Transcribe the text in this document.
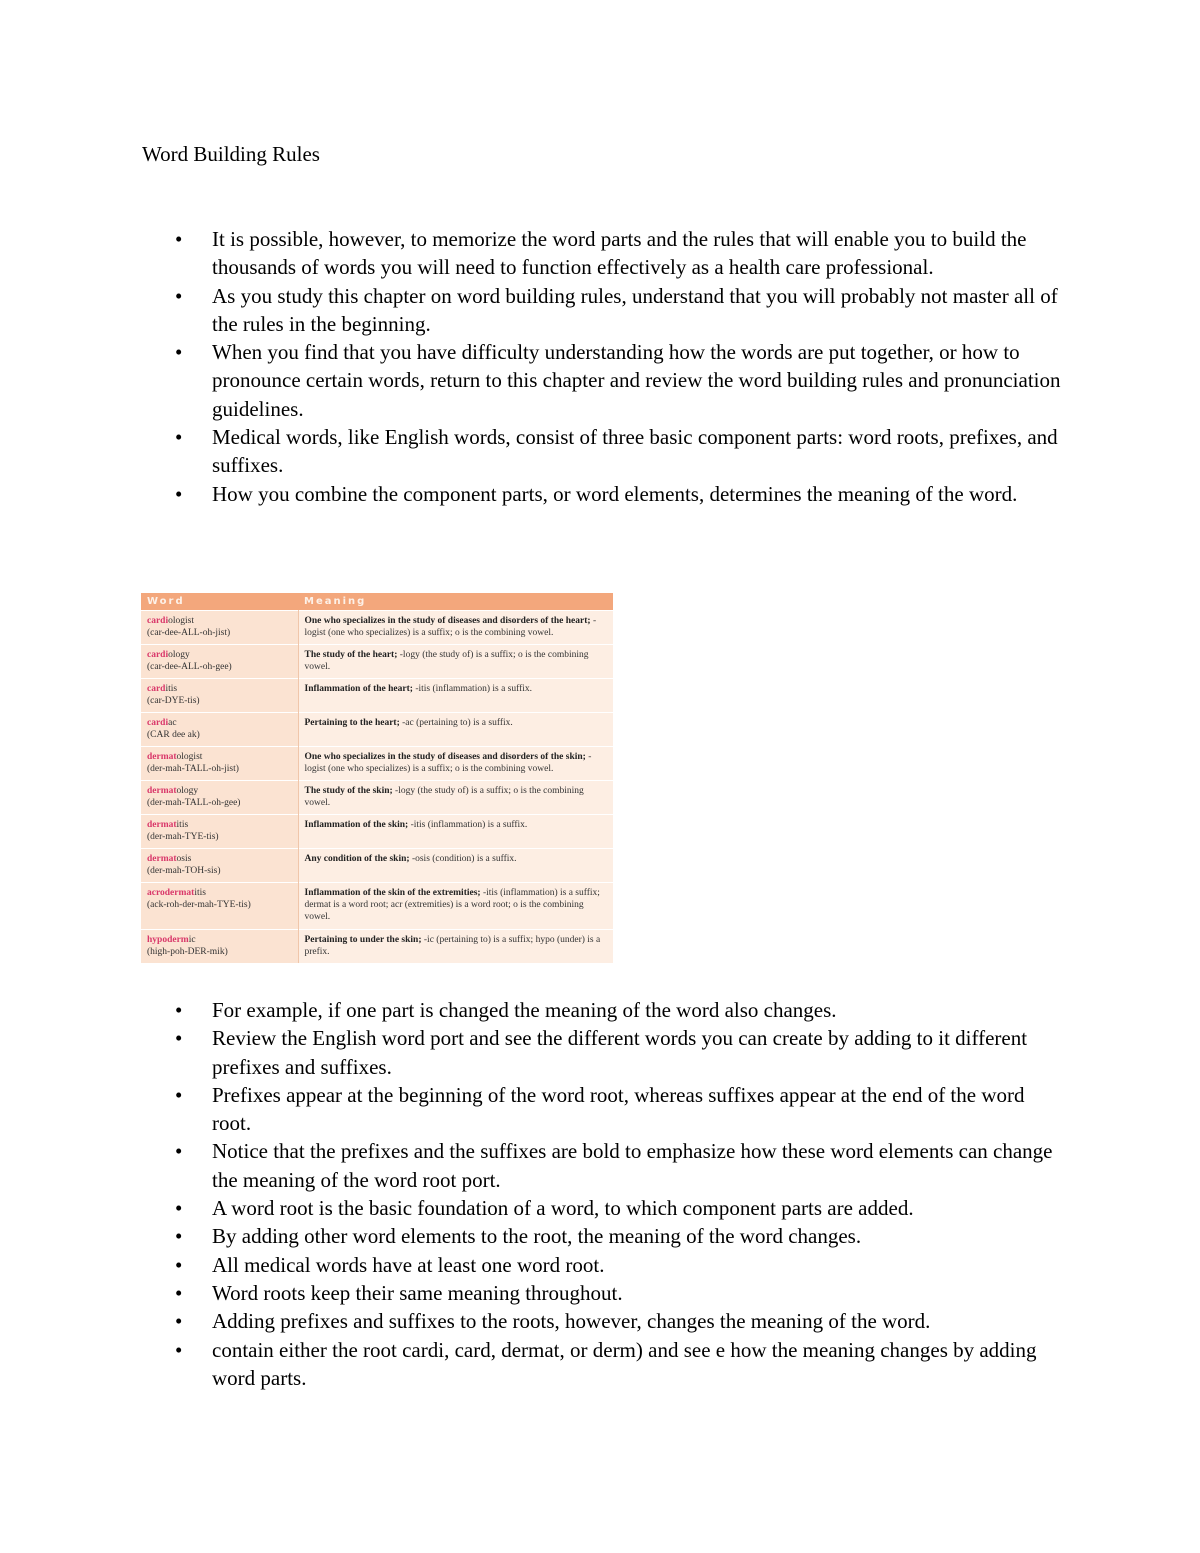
Word Building Rules
• It is possible, however, to memorize the word parts and the rules that will enable you to build the thousands of words you will need to function effectively as a health care professional.
• As you study this chapter on word building rules, understand that you will probably not master all of the rules in the beginning.
• When you find that you have difficulty understanding how the words are put together, or how to pronounce certain words, return to this chapter and review the word building rules and pronunciation guidelines.
• Medical words, like English words, consist of three basic component parts: word roots, prefixes, and suffixes.
• How you combine the component parts, or word elements, determines the meaning of the word.
Word	Meaning

cardiologist
(car-dee-ALL-oh-jist)	One who specializes in the study of diseases and disorders of the heart; -logist (one who specializes) is a suffix; o is the combining vowel.

cardiology
(car-dee-ALL-oh-gee)	The study of the heart; -logy (the study of) is a suffix; o is the combining vowel.

carditis
(car-DYE-tis)	Inflammation of the heart; -itis (inflammation) is a suffix.

cardiac
(CAR dee ak)	Pertaining to the heart; -ac (pertaining to) is a suffix.

dermatologist
(der-mah-TALL-oh-jist)	One who specializes in the study of diseases and disorders of the skin; -logist (one who specializes) is a suffix; o is the combining vowel.

dermatology
(der-mah-TALL-oh-gee)	The study of the skin; -logy (the study of) is a suffix; o is the combining vowel.

dermatitis
(der-mah-TYE-tis)	Inflammation of the skin; -itis (inflammation) is a suffix.

dermatosis
(der-mah-TOH-sis)	Any condition of the skin; -osis (condition) is a suffix.

acrodermatitis
(ack-roh-der-mah-TYE-tis)	Inflammation of the skin of the extremities; -itis (inflammation) is a suffix; dermat is a word root; acr (extremities) is a word root; o is the combining vowel.

hypodermic
(high-poh-DER-mik)	Pertaining to under the skin; -ic (pertaining to) is a suffix; hypo (under) is a prefix.
• For example, if one part is changed the meaning of the word also changes.
• Review the English word port and see the different words you can create by adding to it different prefixes and suffixes.
• Prefixes appear at the beginning of the word root, whereas suffixes appear at the end of the word root.
• Notice that the prefixes and the suffixes are bold to emphasize how these word elements can change the meaning of the word root port.
• A word root is the basic foundation of a word, to which component parts are added.
• By adding other word elements to the root, the meaning of the word changes.
• All medical words have at least one word root.
• Word roots keep their same meaning throughout.
• Adding prefixes and suffixes to the roots, however, changes the meaning of the word.
• contain either the root cardi, card, dermat, or derm) and see e how the meaning changes by adding word parts.
